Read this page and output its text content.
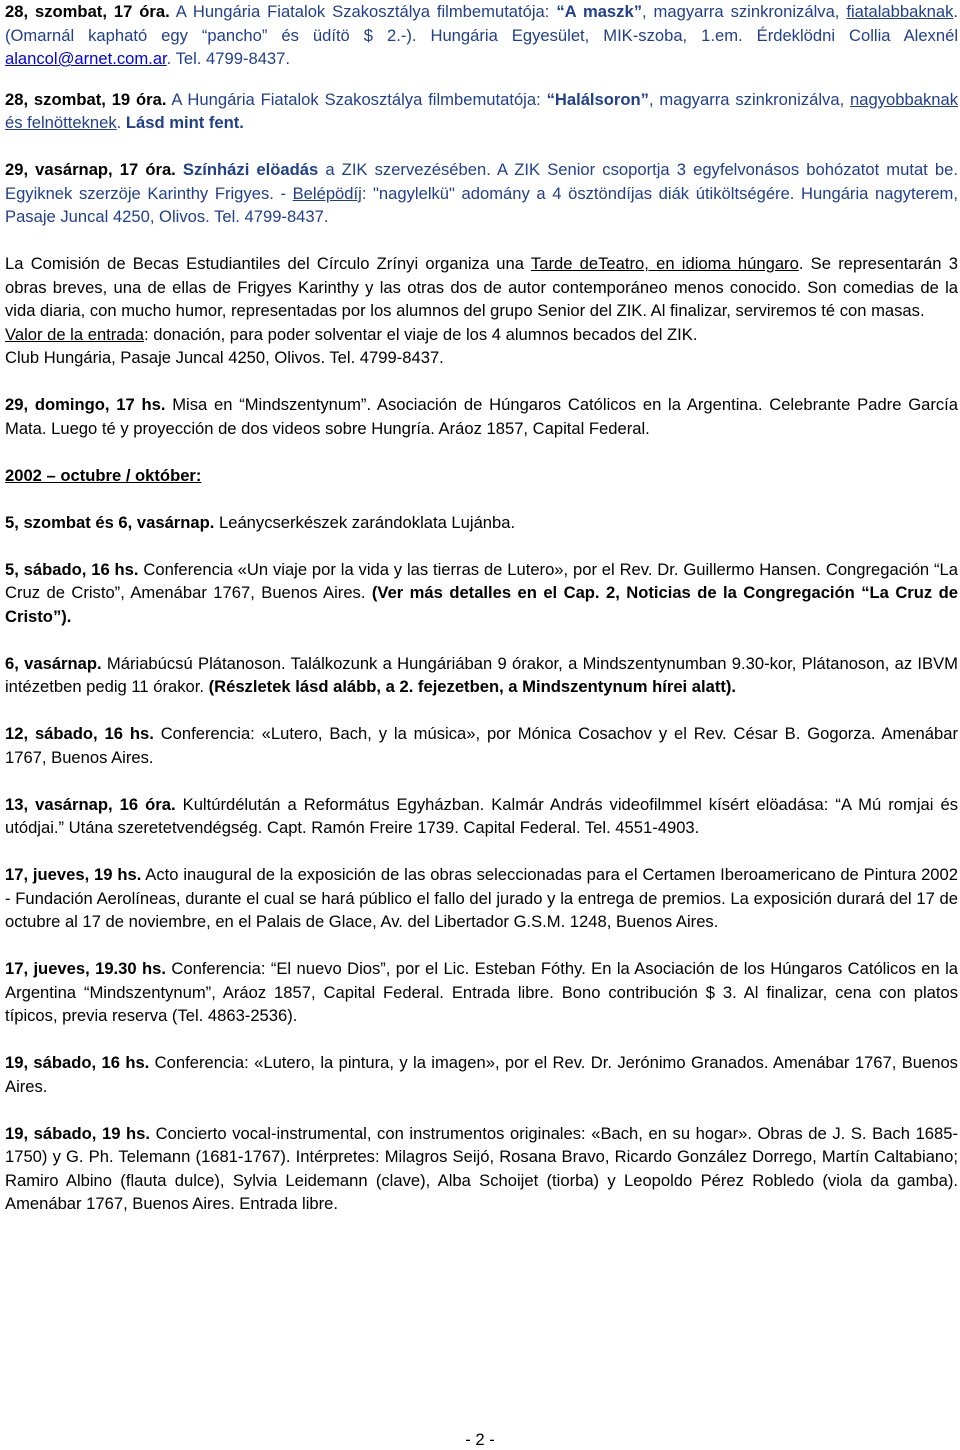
28, szombat, 17 óra. A Hungária Fiatalok Szakosztálya filmbemutatója: “A maszk”, magyarra szinkronizálva, fiatalabbaknak. (Omarnál kapható egy “pancho” és üdítö $ 2.-). Hungária Egyesület, MIK-szoba, 1.em. Érdeklödni Collia Alexnél alancol@arnet.com.ar. Tel. 4799-8437.

28, szombat, 19 óra. A Hungária Fiatalok Szakosztálya filmbemutatója: “Halálsoron”, magyarra szinkronizálva, nagyobbaknak és felnötteknek. Lásd mint fent.

29, vasárnap, 17 óra. Színházi elöadás a ZIK szervezésében. A ZIK Senior csoportja 3 egyfelvonásos bohózatot mutat be. Egyiknek szerzöje Karinthy Frigyes. - Belépödíj: "nagylelkü" adomány a 4 ösztöndíjas diák útiköltségére. Hungária nagyterem, Pasaje Juncal 4250, Olivos. Tel. 4799-8437.

La Comisión de Becas Estudiantiles del Círculo Zrínyi organiza una Tarde deTeatro, en idioma húngaro. Se representarán 3 obras breves, una de ellas de Frigyes Karinthy y las otras dos de autor contemporáneo menos conocido. Son comedias de la vida diaria, con mucho humor, representadas por los alumnos del grupo Senior del ZIK. Al finalizar, serviremos té con masas.
Valor de la entrada: donación, para poder solventar el viaje de los 4 alumnos becados del ZIK.
Club Hungária, Pasaje Juncal 4250, Olivos. Tel. 4799-8437.

29, domingo, 17 hs. Misa en “Mindszentynum”. Asociación de Húngaros Católicos en la Argentina. Celebrante Padre García Mata. Luego té y proyección de dos videos sobre Hungría. Aráoz 1857, Capital Federal.

2002 – octubre / október:

5, szombat és 6, vasárnap. Leánycserkészek zarándoklata Lujánba.

5, sábado, 16 hs. Conferencia «Un viaje por la vida y las tierras de Lutero», por el Rev. Dr. Guillermo Hansen. Congregación “La Cruz de Cristo”, Amenábar 1767, Buenos Aires. (Ver más detalles en el Cap. 2, Noticias de la Congregación “La Cruz de Cristo”).

6, vasárnap. Máriabúcsú Plátanoson. Találkozunk a Hungáriában 9 órakor, a Mindszentynumban 9.30-kor, Plátanoson, az IBVM intézetben pedig 11 órakor. (Részletek lásd alább, a 2. fejezetben, a Mindszentynum hírei alatt).

12, sábado, 16 hs. Conferencia: «Lutero, Bach, y la música», por Mónica Cosachov y el Rev. César B. Gogorza. Amenábar 1767, Buenos Aires.

13, vasárnap, 16 óra. Kultúrdélután a Református Egyházban. Kalmár András videofilmmel kísért elöadása: “A Mú romjai és utódjai.” Utána szeretetvendégség. Capt. Ramón Freire 1739. Capital Federal. Tel. 4551-4903.

17, jueves, 19 hs. Acto inaugural de la exposición de las obras seleccionadas para el Certamen Iberoamericano de Pintura 2002 - Fundación Aerolíneas, durante el cual se hará público el fallo del jurado y la entrega de premios. La exposición durará del 17 de octubre al 17 de noviembre, en el Palais de Glace, Av. del Libertador G.S.M. 1248, Buenos Aires.

17, jueves, 19.30 hs. Conferencia: “El nuevo Dios”, por el Lic. Esteban Fóthy. En la Asociación de los Húngaros Católicos en la Argentina “Mindszentynum”, Aráoz 1857, Capital Federal. Entrada libre. Bono contribución $ 3. Al finalizar, cena con platos típicos, previa reserva (Tel. 4863-2536).

19, sábado, 16 hs. Conferencia: «Lutero, la pintura, y la imagen», por el Rev. Dr. Jerónimo Granados. Amenábar 1767, Buenos Aires.

19, sábado, 19 hs. Concierto vocal-instrumental, con instrumentos originales: «Bach, en su hogar». Obras de J. S. Bach 1685-1750) y G. Ph. Telemann (1681-1767). Intérpretes: Milagros Seijó, Rosana Bravo, Ricardo González Dorrego, Martín Caltabiano; Ramiro Albino (flauta dulce), Sylvia Leidemann (clave), Alba Schoijet (tiorba) y Leopoldo Pérez Robledo (viola da gamba). Amenábar 1767, Buenos Aires. Entrada libre.

- 2 -
